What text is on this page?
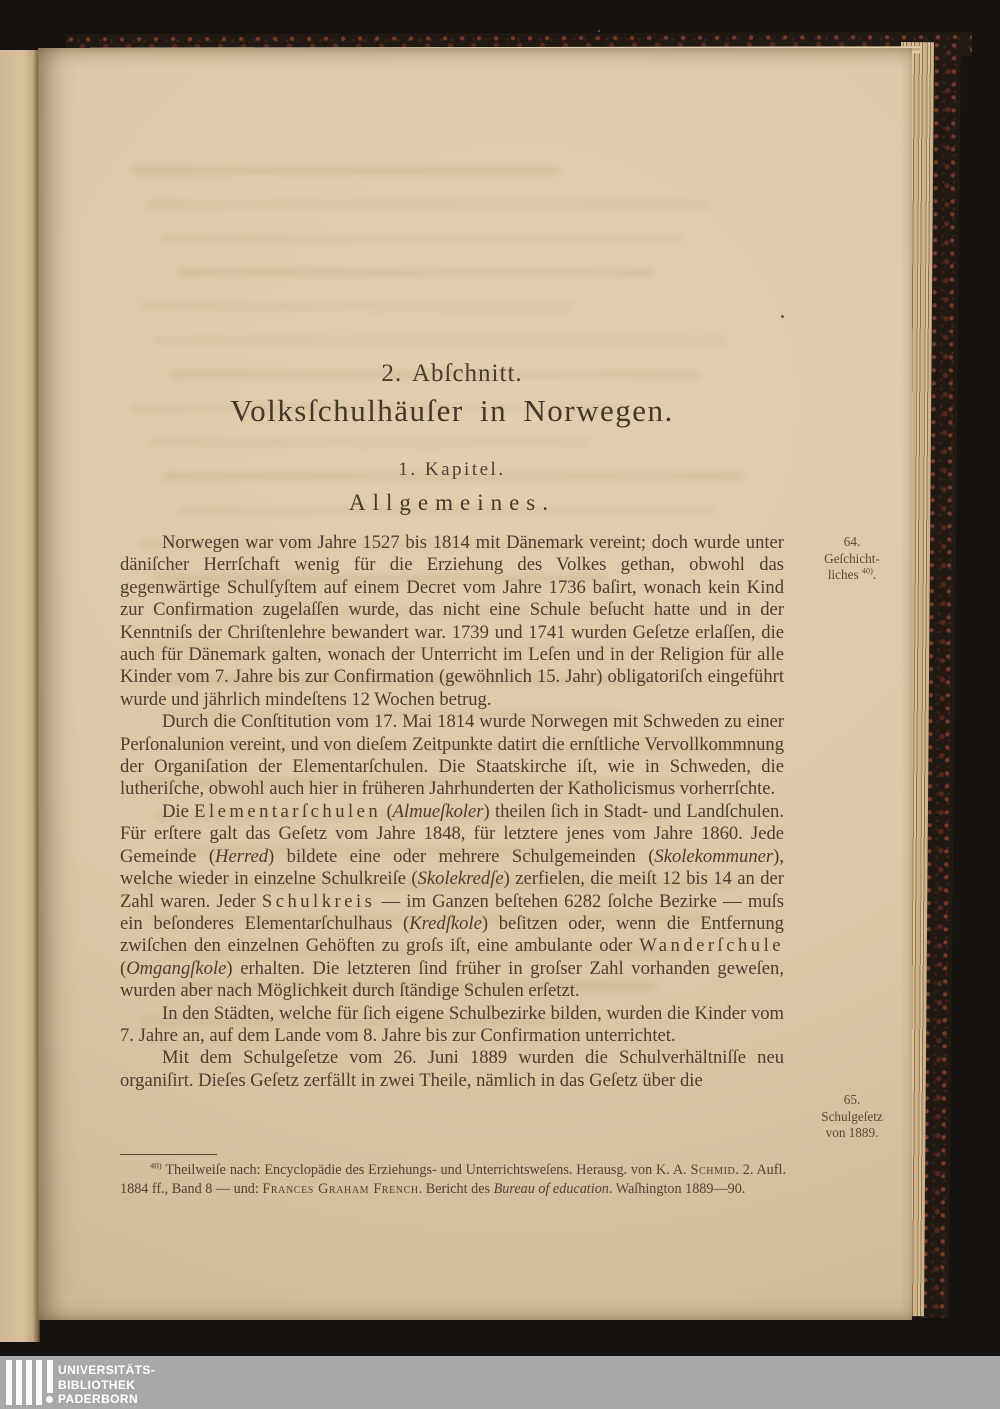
2. Abſchnitt.
Volksſchulhäuſer in Norwegen.
1. Kapitel.
Allgemeines.

Norwegen war vom Jahre 1527 bis 1814 mit Dänemark vereint; doch wurde unter däniſcher Herrſchaft wenig für die Erziehung des Volkes gethan, obwohl das gegenwärtige Schulſyſtem auf einem Decret vom Jahre 1736 baſirt, wonach kein Kind zur Confirmation zugelaſſen wurde, das nicht eine Schule beſucht hatte und in der Kenntniſs der Chriſtenlehre bewandert war. 1739 und 1741 wurden Geſetze erlaſſen, die auch für Dänemark galten, wonach der Unterricht im Leſen und in der Religion für alle Kinder vom 7. Jahre bis zur Confirmation (gewöhnlich 15. Jahr) obligatoriſch eingeführt wurde und jährlich mindeſtens 12 Wochen betrug.

Durch die Conſtitution vom 17. Mai 1814 wurde Norwegen mit Schweden zu einer Perſonalunion vereint, und von dieſem Zeitpunkte datirt die ernſtliche Vervollkommnung der Organiſation der Elementarſchulen. Die Staatskirche iſt, wie in Schweden, die lutheriſche, obwohl auch hier in früheren Jahrhunderten der Katholicismus vorherrſchte.

Die Elementarſchulen (Almueſkoler) theilen ſich in Stadt- und Landſchulen. Für erſtere galt das Geſetz vom Jahre 1848, für letztere jenes vom Jahre 1860. Jede Gemeinde (Herred) bildete eine oder mehrere Schulgemeinden (Skolekommuner), welche wieder in einzelne Schulkreiſe (Skolekredſe) zerfielen, die meiſt 12 bis 14 an der Zahl waren. Jeder Schulkreis — im Ganzen beſtehen 6282 ſolche Bezirke — muſs ein beſonderes Elementarſchulhaus (Kredſkole) beſitzen oder, wenn die Entfernung zwiſchen den einzelnen Gehöften zu groſs iſt, eine ambulante oder Wanderſchule (Omgangſkole) erhalten. Die letzteren ſind früher in groſser Zahl vorhanden geweſen, wurden aber nach Möglichkeit durch ſtändige Schulen erſetzt.

In den Städten, welche für ſich eigene Schulbezirke bilden, wurden die Kinder vom 7. Jahre an, auf dem Lande vom 8. Jahre bis zur Confirmation unterrichtet.

Mit dem Schulgeſetze vom 26. Juni 1889 wurden die Schulverhältniſſe neu organiſirt. Dieſes Geſetz zerfällt in zwei Theile, nämlich in das Geſetz über die

64.
Geſchicht-
liches $^{40)}$.
65.
Schulgeſetz
von 1889.

$^{40)}$ Theilweiſe nach: Encyclopädie des Erziehungs- und Unterrichtsweſens. Herausg. von K. A. Schmid. 2. Aufl. 1884 ff., Band 8 — und: Frances Graham French. Bericht des Bureau of education. Waſhington 1889—90.

UNIVERSITÄTS-
BIBLIOTHEK
PADERBORN
